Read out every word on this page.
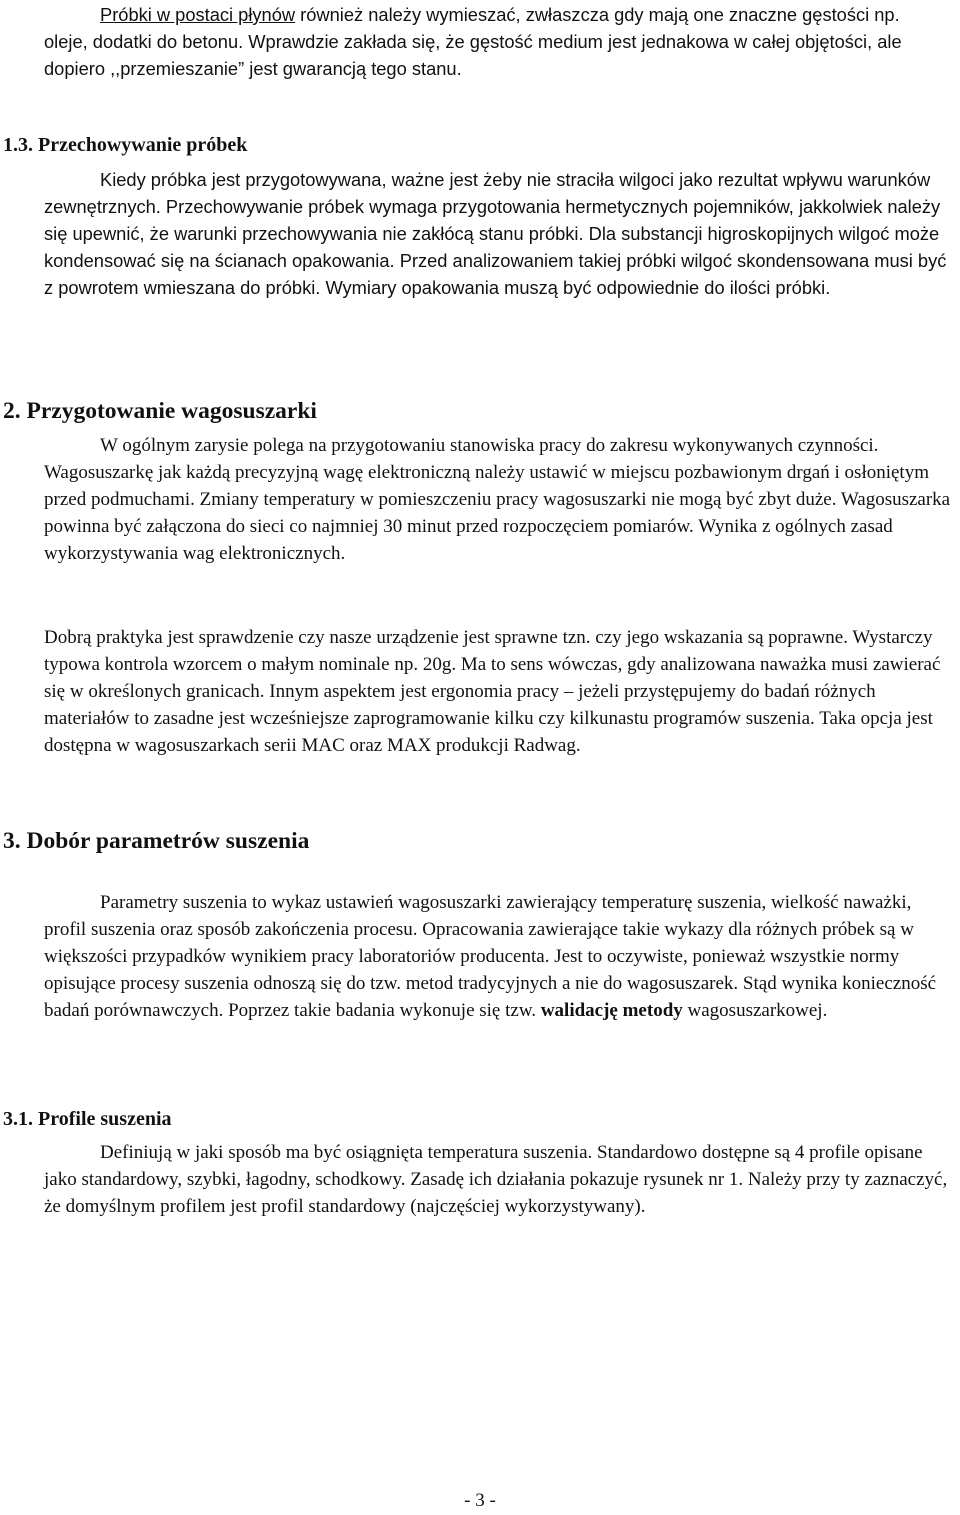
Próbki w postaci płynów również należy wymieszać, zwłaszcza gdy mają one znaczne gęstości np. oleje, dodatki do betonu. Wprawdzie zakłada się, że gęstość medium jest jednakowa w całej objętości, ale dopiero ,,przemieszanie” jest gwarancją tego stanu.

1.3. Przechowywanie próbek

Kiedy próbka jest przygotowywana, ważne jest żeby nie straciła wilgoci jako rezultat wpływu warunków zewnętrznych. Przechowywanie próbek wymaga przygotowania hermetycznych pojemników, jakkolwiek należy się upewnić, że warunki przechowywania nie zakłócą stanu próbki. Dla substancji higroskopijnych wilgoć może kondensować się na ścianach opakowania. Przed analizowaniem takiej próbki wilgoć skondensowana musi być z powrotem wmieszana do próbki. Wymiary opakowania muszą być odpowiednie do ilości próbki.

2. Przygotowanie wagosuszarki

W ogólnym zarysie polega na przygotowaniu stanowiska pracy do zakresu wykonywanych czynności. Wagosuszarkę jak każdą precyzyjną wagę elektroniczną należy ustawić w miejscu pozbawionym drgań i osłoniętym przed podmuchami. Zmiany temperatury w pomieszczeniu pracy wagosuszarki nie mogą być zbyt duże. Wagosuszarka powinna być załączona do sieci co najmniej 30 minut przed rozpoczęciem pomiarów. Wynika z ogólnych zasad wykorzystywania wag elektronicznych.

Dobrą praktyka jest sprawdzenie czy nasze urządzenie jest sprawne tzn. czy jego wskazania są poprawne. Wystarczy typowa kontrola wzorcem o małym nominale np. 20g. Ma to sens wówczas, gdy analizowana naważka musi zawierać się w określonych granicach. Innym aspektem jest ergonomia pracy – jeżeli przystępujemy do badań różnych materiałów to zasadne jest wcześniejsze zaprogramowanie kilku czy kilkunastu programów suszenia. Taka opcja jest dostępna w wagosuszarkach serii MAC oraz MAX produkcji Radwag.

3. Dobór parametrów suszenia

Parametry suszenia to wykaz ustawień wagosuszarki zawierający temperaturę suszenia, wielkość naważki, profil suszenia oraz sposób zakończenia procesu. Opracowania zawierające takie wykazy dla różnych próbek są w większości przypadków wynikiem pracy laboratoriów producenta. Jest to oczywiste, ponieważ wszystkie normy opisujące procesy suszenia odnoszą się do tzw. metod tradycyjnych a nie do wagosuszarek. Stąd wynika konieczność badań porównawczych. Poprzez takie badania wykonuje się tzw. walidację metody wagosuszarkowej.

3.1. Profile suszenia

Definiują w jaki sposób ma być osiągnięta temperatura suszenia. Standardowo dostępne są 4 profile opisane jako standardowy, szybki, łagodny, schodkowy. Zasadę ich działania pokazuje rysunek nr 1. Należy przy ty zaznaczyć, że domyślnym profilem jest profil standardowy (najczęściej wykorzystywany).

- 3 -
